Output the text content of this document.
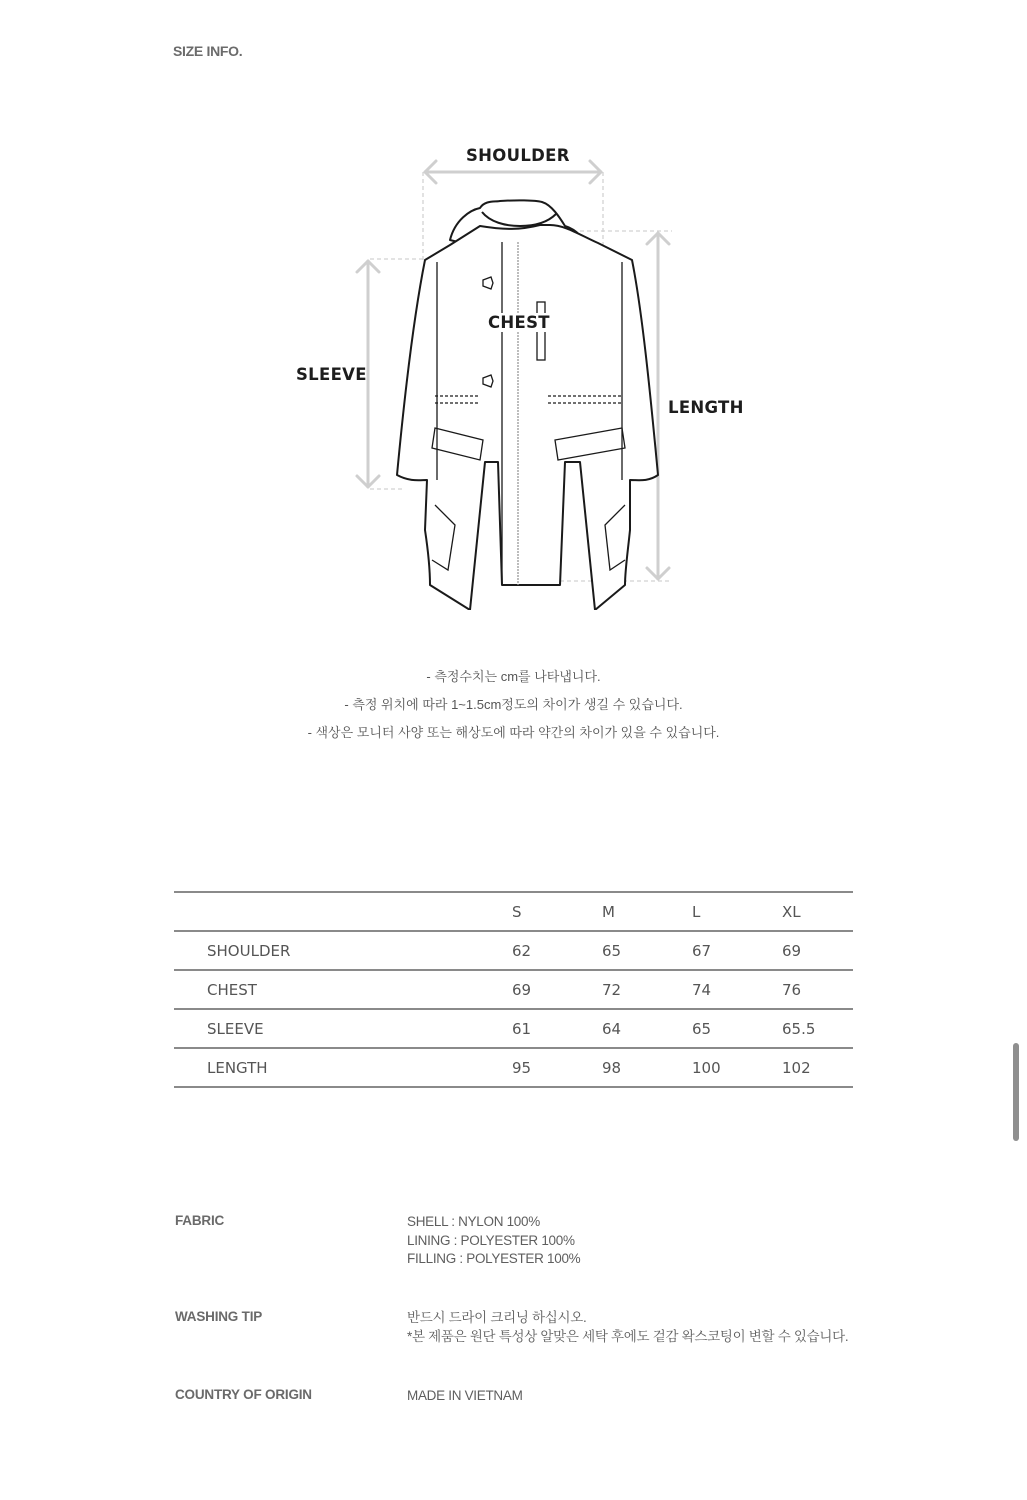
SIZE INFO.
SHOULDER
CHEST
SLEEVE
LENGTH
- 측정수치는 cm를 나타냅니다.
- 측정 위치에 따라 1~1.5cm정도의 차이가 생길 수 있습니다.
- 색상은 모니터 사양 또는 해상도에 따라 약간의 차이가 있을 수 있습니다.
	S	M	L	XL
SHOULDER	62	65	67	69
CHEST	69	72	74	76
SLEEVE	61	64	65	65.5
LENGTH	95	98	100	102
FABRIC	SHELL : NYLON 100%
LINING : POLYESTER 100%
FILLING : POLYESTER 100%
WASHING TIP	반드시 드라이 크리닝 하십시오.
*본 제품은 원단 특성상 알맞은 세탁 후에도 겉감 왁스코팅이 변할 수 있습니다.
COUNTRY OF ORIGIN	MADE IN VIETNAM
